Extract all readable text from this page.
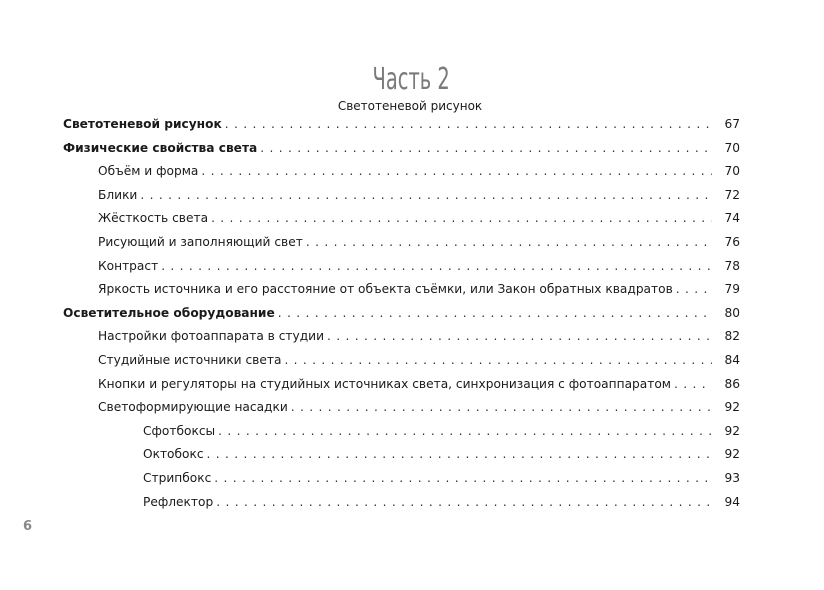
Часть 2
Светотеневой рисунок
Светотеневой рисунок . . .	67
Физические свойства света . . .	70
Объём и форма . . .	70
Блики . . .	72
Жёсткость света . . .	74
Рисующий и заполняющий свет . . .	76
Контраст . . .	78
Яркость источника и его расстояние от объекта съёмки, или Закон обратных квадратов . . .	79
Осветительное оборудование . . .	80
Настройки фотоаппарата в студии . . .	82
Студийные источники света . . .	84
Кнопки и регуляторы на студийных источниках света, синхронизация с фотоаппаратом . . .	86
Светоформирующие насадки . . .	92
Сфотбоксы . . .	92
Октобокс . . .	92
Стрипбокс . . .	93
Рефлектор . . .	94
6
